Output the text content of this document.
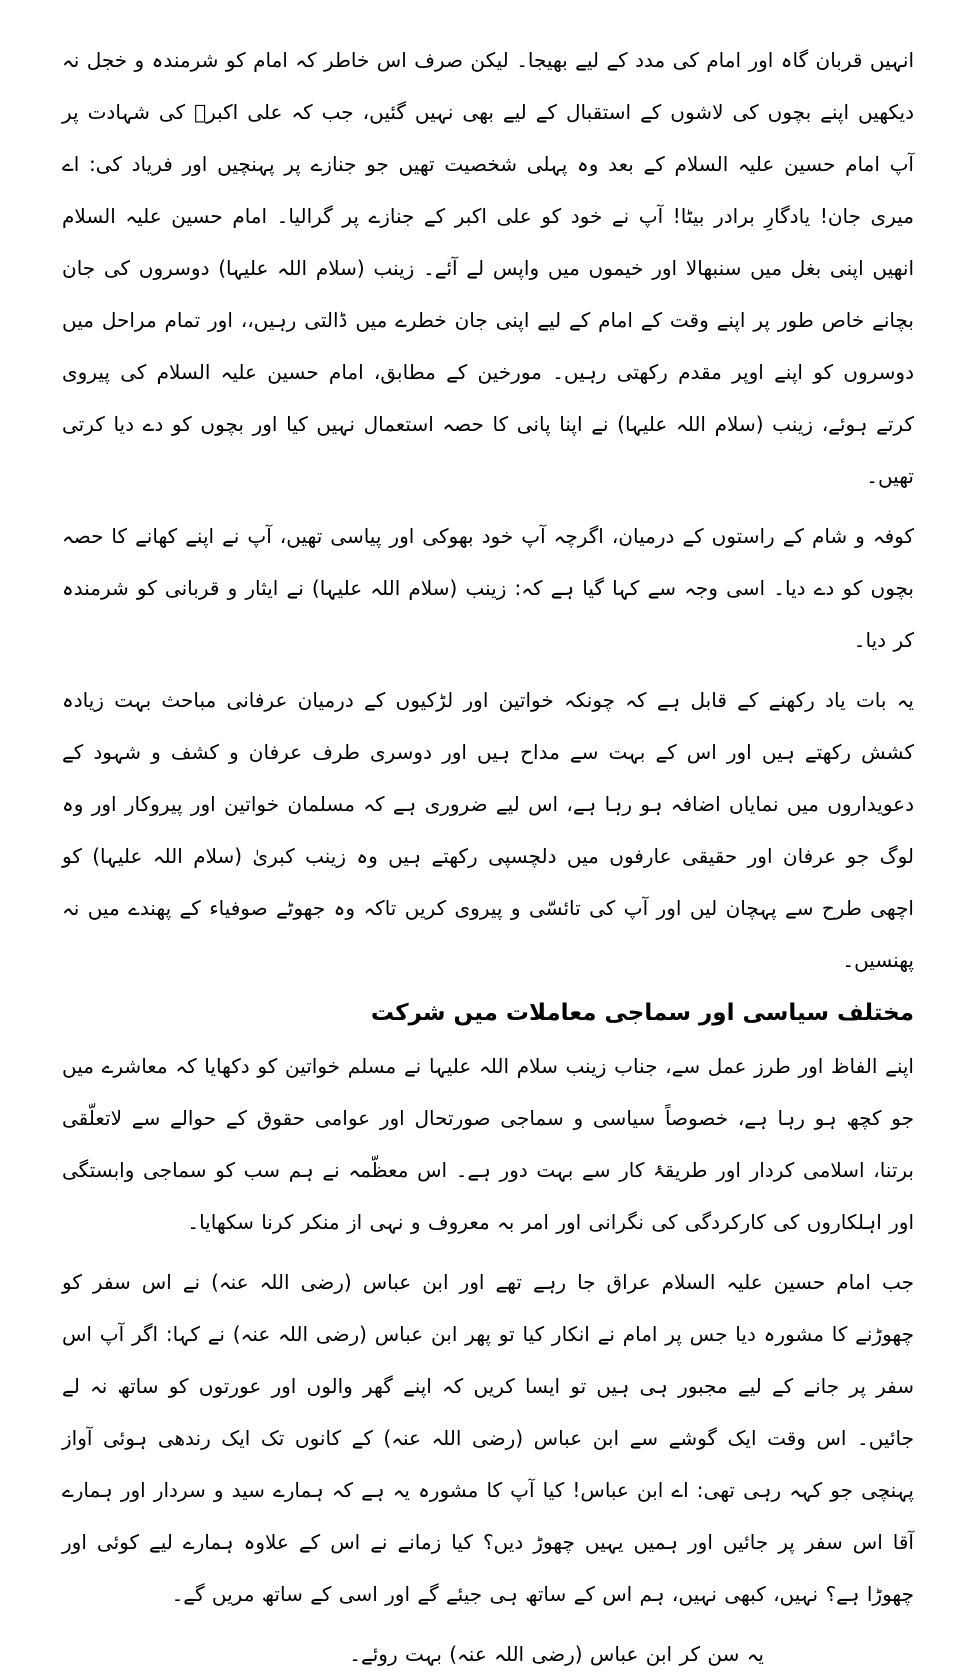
انہیں قربان گاہ اور امام کی مدد کے لیے بھیجا۔ لیکن صرف اس خاطر کہ امام کو شرمندہ و خجل نہ دیکھیں اپنے بچوں کی لاشوں کے استقبال کے لیے بھی نہیں گئیں، جب کہ علی اکبرؑ کی شہادت پر آپ امام حسین علیہ السلام کے بعد وہ پہلی شخصیت تھیں جو جنازے پر پہنچیں اور فریاد کی: اے میری جان! یادگارِ برادر بیٹا! آپ نے خود کو علی اکبر کے جنازے پر گرالیا۔ امام حسین علیہ السلام انھیں اپنی بغل میں سنبھالا اور خیموں میں واپس لے آئے۔ زینب (سلام اللہ علیہا) دوسروں کی جان بچانے خاص طور پر اپنے وقت کے امام کے لیے اپنی جان خطرے میں ڈالتی رہیں،، اور تمام مراحل میں دوسروں کو اپنے اوپر مقدم رکھتی رہیں۔ مورخین کے مطابق، امام حسین علیہ السلام کی پیروی کرتے ہوئے، زینب (سلام اللہ علیہا) نے اپنا پانی کا حصہ استعمال نہیں کیا اور بچوں کو دے دیا کرتی تھیں۔

کوفہ و شام کے راستوں کے درمیان، اگرچہ آپ خود بھوکی اور پیاسی تھیں، آپ نے اپنے کھانے کا حصہ بچوں کو دے دیا۔ اسی وجہ سے کہا گیا ہے کہ: زینب (سلام اللہ علیہا) نے ایثار و قربانی کو شرمندہ کر دیا۔

یہ بات یاد رکھنے کے قابل ہے کہ چونکہ خواتین اور لڑکیوں کے درمیان عرفانی مباحث بہت زیادہ کشش رکھتے ہیں اور اس کے بہت سے مداح ہیں اور دوسری طرف عرفان و کشف و شہود کے دعویداروں میں نمایاں اضافہ ہو رہا ہے، اس لیے ضروری ہے کہ مسلمان خواتین اور پیروکار اور وہ لوگ جو عرفان اور حقیقی عارفوں میں دلچسپی رکھتے ہیں وہ زینب کبریٰ (سلام اللہ علیہا) کو اچھی طرح سے پہچان لیں اور آپ کی تائسّی و پیروی کریں تاکہ وہ جھوٹے صوفیاء کے پھندے میں نہ پھنسیں۔

مختلف سیاسی اور سماجی معاملات میں شرکت

اپنے الفاظ اور طرز عمل سے، جناب زینب سلام اللہ علیہا نے مسلم خواتین کو دکھایا کہ معاشرے میں جو کچھ ہو رہا ہے، خصوصاً سیاسی و سماجی صورتحال اور عوامی حقوق کے حوالے سے لاتعلّقی برتنا، اسلامی کردار اور طریقۂ کار سے بہت دور ہے۔ اس معظّمہ نے ہم سب کو سماجی وابستگی اور اہلکاروں کی کارکردگی کی نگرانی اور امر بہ معروف و نہی از منکر کرنا سکھایا۔

جب امام حسین علیہ السلام عراق جا رہے تھے اور ابن عباس (رضی اللہ عنہ) نے اس سفر کو چھوڑنے کا مشورہ دیا جس پر امام نے انکار کیا تو پھر ابن عباس (رضی اللہ عنہ) نے کہا: اگر آپ اس سفر پر جانے کے لیے مجبور ہی ہیں تو ایسا کریں کہ اپنے گھر والوں اور عورتوں کو ساتھ نہ لے جائیں۔ اس وقت ایک گوشے سے ابن عباس (رضی اللہ عنہ) کے کانوں تک ایک رندھی ہوئی آواز پہنچی جو کہہ رہی تھی: اے ابن عباس! کیا آپ کا مشورہ یہ ہے کہ ہمارے سید و سردار اور ہمارے آقا اس سفر پر جائیں اور ہمیں یہیں چھوڑ دیں؟ کیا زمانے نے اس کے علاوہ ہمارے لیے کوئی اور چھوڑا ہے؟ نہیں، کبھی نہیں، ہم اس کے ساتھ ہی جیئے گے اور اسی کے ساتھ مریں گے۔

یہ سن کر ابن عباس (رضی اللہ عنہ) بہت روئے۔
